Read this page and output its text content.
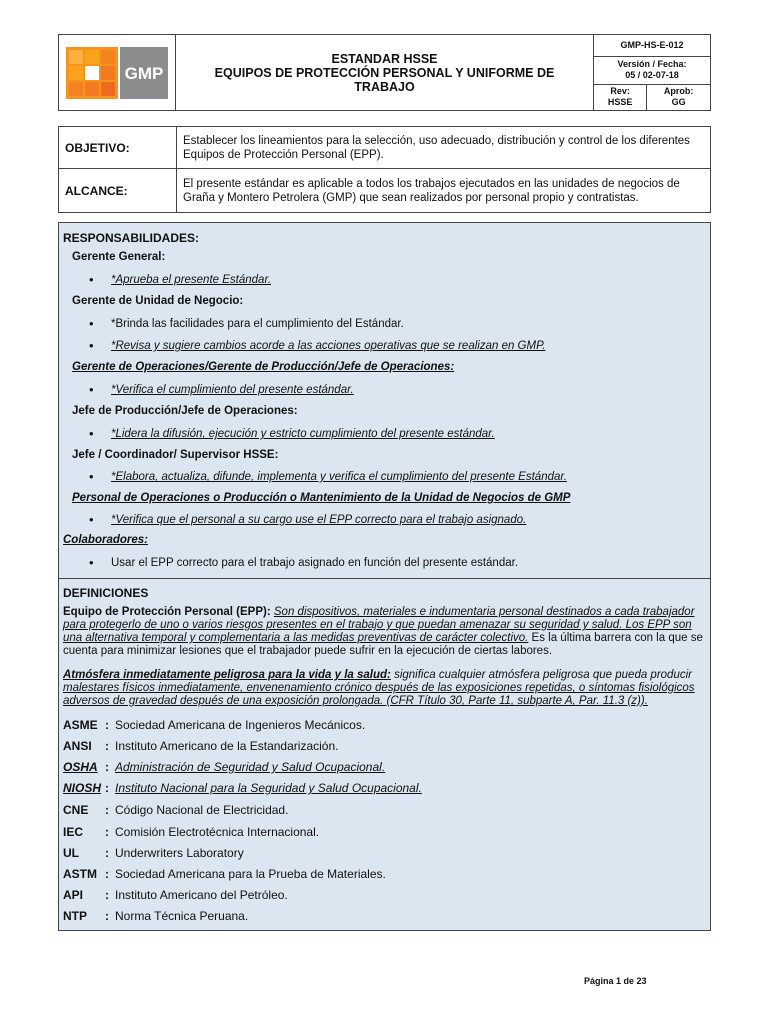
GMP

ESTANDAR HSSE
EQUIPOS DE PROTECCIÓN PERSONAL Y UNIFORME DE
TRABAJO

GMP-HS-E-012

Versión / Fecha:
05 / 02-07-18

Rev:
HSSE

Aprob:
GG
OBJETIVO:	Establecer los lineamientos para la selección, uso adecuado, distribución y control de los diferentes Equipos de Protección Personal (EPP).
ALCANCE:	El presente estándar es aplicable a todos los trabajos ejecutados en las unidades de negocios de Graña y Montero Petrolera (GMP) que sean realizados por personal propio y contratistas.
RESPONSABILIDADES:
Gerente General:
• *Aprueba el presente Estándar.
Gerente de Unidad de Negocio:
• *Brinda las facilidades para el cumplimiento del Estándar.
• *Revisa y sugiere cambios acorde a las acciones operativas que se realizan en GMP.
Gerente de Operaciones/Gerente de Producción/Jefe de Operaciones:
• *Verifica el cumplimiento del presente estándar.
Jefe de Producción/Jefe de Operaciones:
• *Lidera la difusión, ejecución y estricto cumplimiento del presente estándar.
Jefe / Coordinador/ Supervisor HSSE:
• *Elabora, actualiza, difunde, implementa y verifica el cumplimiento del presente Estándar.
Personal de Operaciones o Producción o Mantenimiento de la Unidad de Negocios de GMP
• *Verifica que el personal a su cargo use el EPP correcto para el trabajo asignado.
Colaboradores:
• Usar el EPP correcto para el trabajo asignado en función del presente estándar.
DEFINICIONES
Equipo de Protección Personal (EPP): Son dispositivos, materiales e indumentaria personal destinados a cada trabajador para protegerlo de uno o varios riesgos presentes en el trabajo y que puedan amenazar su seguridad y salud. Los EPP son una alternativa temporal y complementaria a las medidas preventivas de carácter colectivo. Es la última barrera con la que se cuenta para minimizar lesiones que el trabajador puede sufrir en la ejecución de ciertas labores.
Atmósfera inmediatamente peligrosa para la vida y la salud: significa cualquier atmósfera peligrosa que pueda producir malestares físicos inmediatamente, envenenamiento crónico después de las exposiciones repetidas, o síntomas fisiológicos adversos de gravedad después de una exposición prolongada. (CFR Título 30, Parte 11, subparte A, Par. 11.3 (z)).
ASME : Sociedad Americana de Ingenieros Mecánicos.
ANSI : Instituto Americano de la Estandarización.
OSHA : Administración de Seguridad y Salud Ocupacional.
NIOSH : Instituto Nacional para la Seguridad y Salud Ocupacional.
CNE : Código Nacional de Electricidad.
IEC : Comisión Electrotécnica Internacional.
UL : Underwriters Laboratory
ASTM : Sociedad Americana para la Prueba de Materiales.
API : Instituto Americano del Petróleo.
NTP : Norma Técnica Peruana.
Página 1 de 23
